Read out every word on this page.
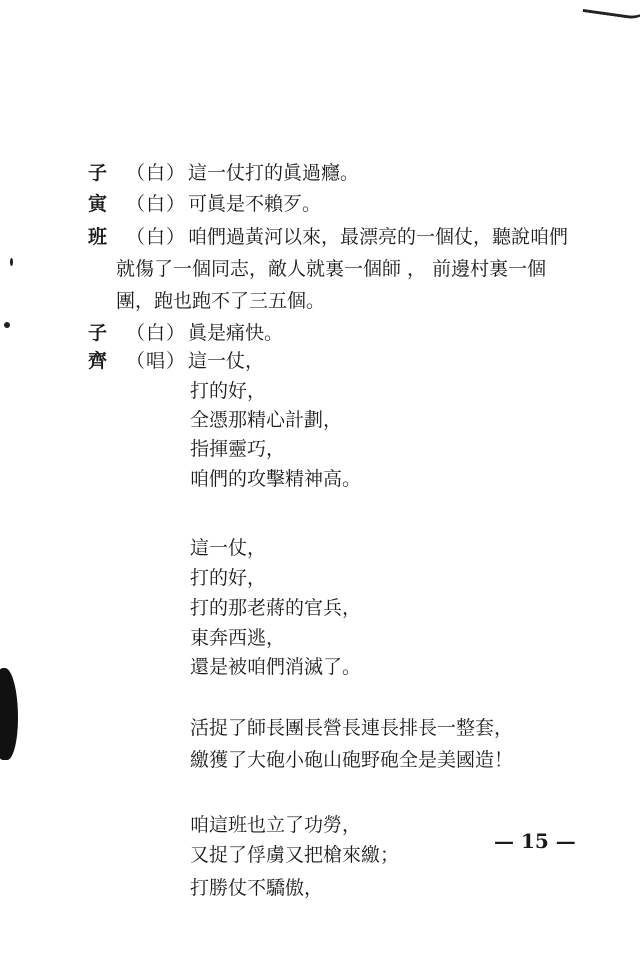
子 （白） 這一仗打的眞過癮。
寅 （白） 可眞是不賴歹。
班 （白） 咱們過黃河以來，最漂亮的一個仗，聽說咱們
就傷了一個同志，敵人就裏一個師 ， 前邊村裏一個
團，跑也跑不了三五個。
子 （白） 眞是痛快。
齊 （唱） 這一仗，
打的好，
全憑那精心計劃，
指揮靈巧，
咱們的攻擊精神高。
這一仗，
打的好，
打的那老蔣的官兵，
東奔西逃，
還是被咱們消滅了。
活捉了師長團長營長連長排長一整套，
繳獲了大砲小砲山砲野砲全是美國造！
咱這班也立了功勞，
又捉了俘虜又把槍來繳；
打勝仗不驕傲，
— 15 —
